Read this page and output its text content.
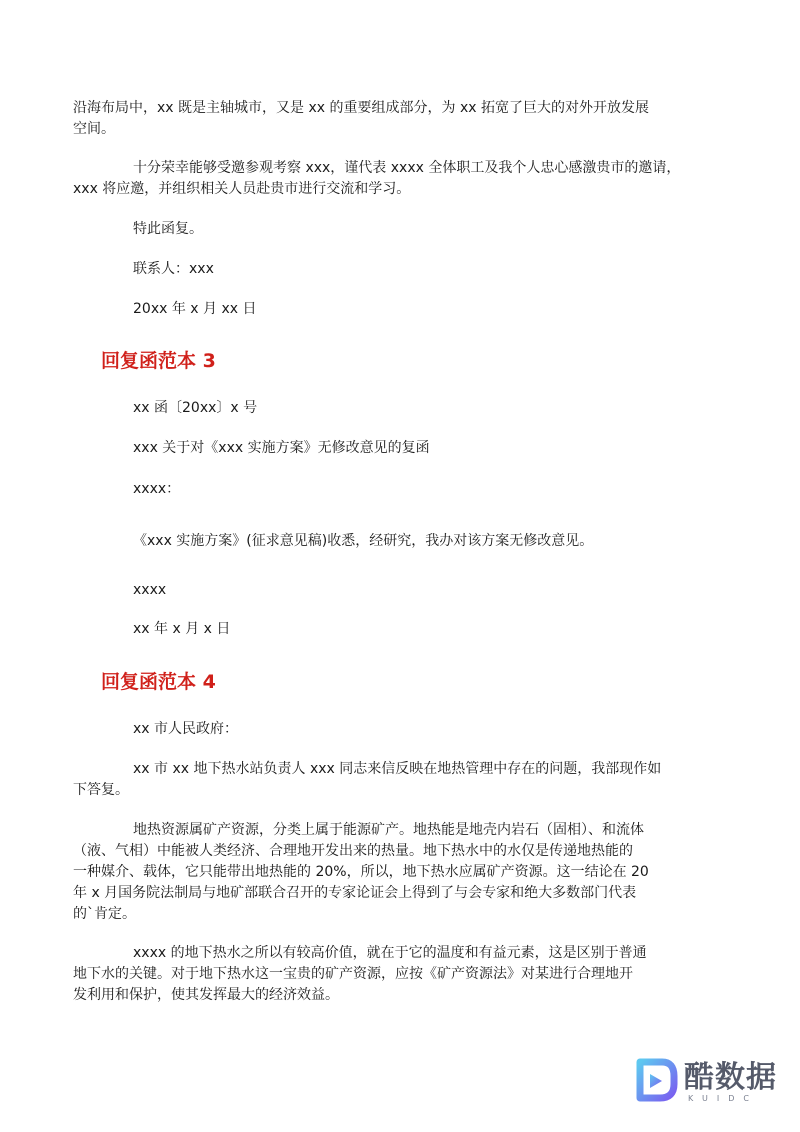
沿海布局中，xx 既是主轴城市，又是 xx 的重要组成部分，为 xx 拓宽了巨大的对外开放发展
空间。
十分荣幸能够受邀参观考察 xxx，谨代表 xxxx 全体职工及我个人忠心感激贵市的邀请，
xxx 将应邀，并组织相关人员赴贵市进行交流和学习。

特此函复。

联系人：xxx

20xx 年 x 月 xx 日

回复函范本 3

xx 函〔20xx〕x 号

xxx 关于对《xxx 实施方案》无修改意见的复函

xxxx：

《xxx 实施方案》(征求意见稿)收悉，经研究，我办对该方案无修改意见。

xxxx

xx 年 x 月 x 日

回复函范本 4

xx 市人民政府：

xx 市 xx 地下热水站负责人 xxx 同志来信反映在地热管理中存在的问题，我部现作如
下答复。
地热资源属矿产资源，分类上属于能源矿产。地热能是地壳内岩石（固相）、和流体
（液、气相）中能被人类经济、合理地开发出来的热量。地下热水中的水仅是传递地热能的
一种媒介、载体，它只能带出地热能的 20%，所以，地下热水应属矿产资源。这一结论在 20
年 x 月国务院法制局与地矿部联合召开的专家论证会上得到了与会专家和绝大多数部门代表
的`肯定。
xxxx 的地下热水之所以有较高价值，就在于它的温度和有益元素，这是区别于普通
地下水的关键。对于地下热水这一宝贵的矿产资源，应按《矿产资源法》对某进行合理地开
发利用和保护，使其发挥最大的经济效益。
酷数据
KUIDC
